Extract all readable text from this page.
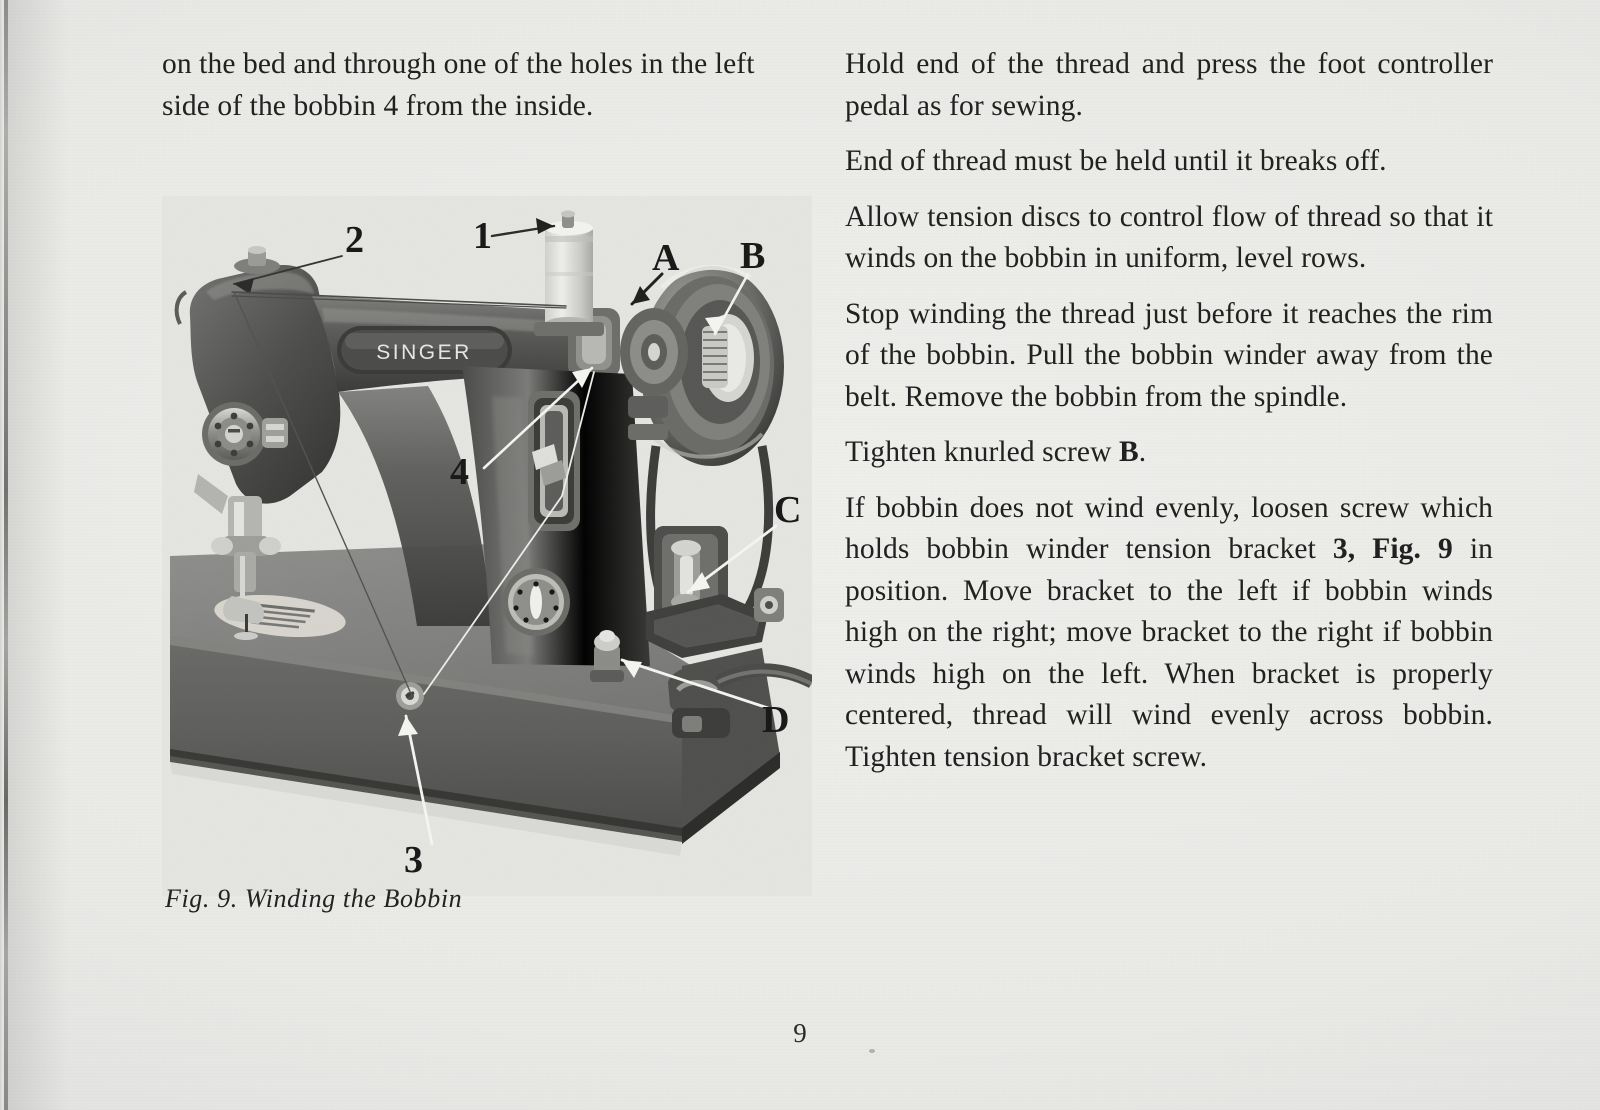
on the bed and through one of the holes in the left side of the bobbin 4 from the inside.

SINGER
2	1
A B
4
C
D
3
Fig. 9. Winding the Bobbin

Hold end of the thread and press the foot controller pedal as for sewing.

End of thread must be held until it breaks off.

Allow tension discs to control flow of thread so that it winds on the bobbin in uniform, level rows.

Stop winding the thread just before it reaches the rim of the bobbin. Pull the bobbin winder away from the belt. Remove the bobbin from the spindle.

Tighten knurled screw B.

If bobbin does not wind evenly, loosen screw which holds bobbin winder tension bracket 3, Fig. 9 in position. Move bracket to the left if bobbin winds high on the right; move bracket to the right if bobbin winds high on the left. When bracket is properly centered, thread will wind evenly across bobbin. Tighten tension bracket screw.

9
